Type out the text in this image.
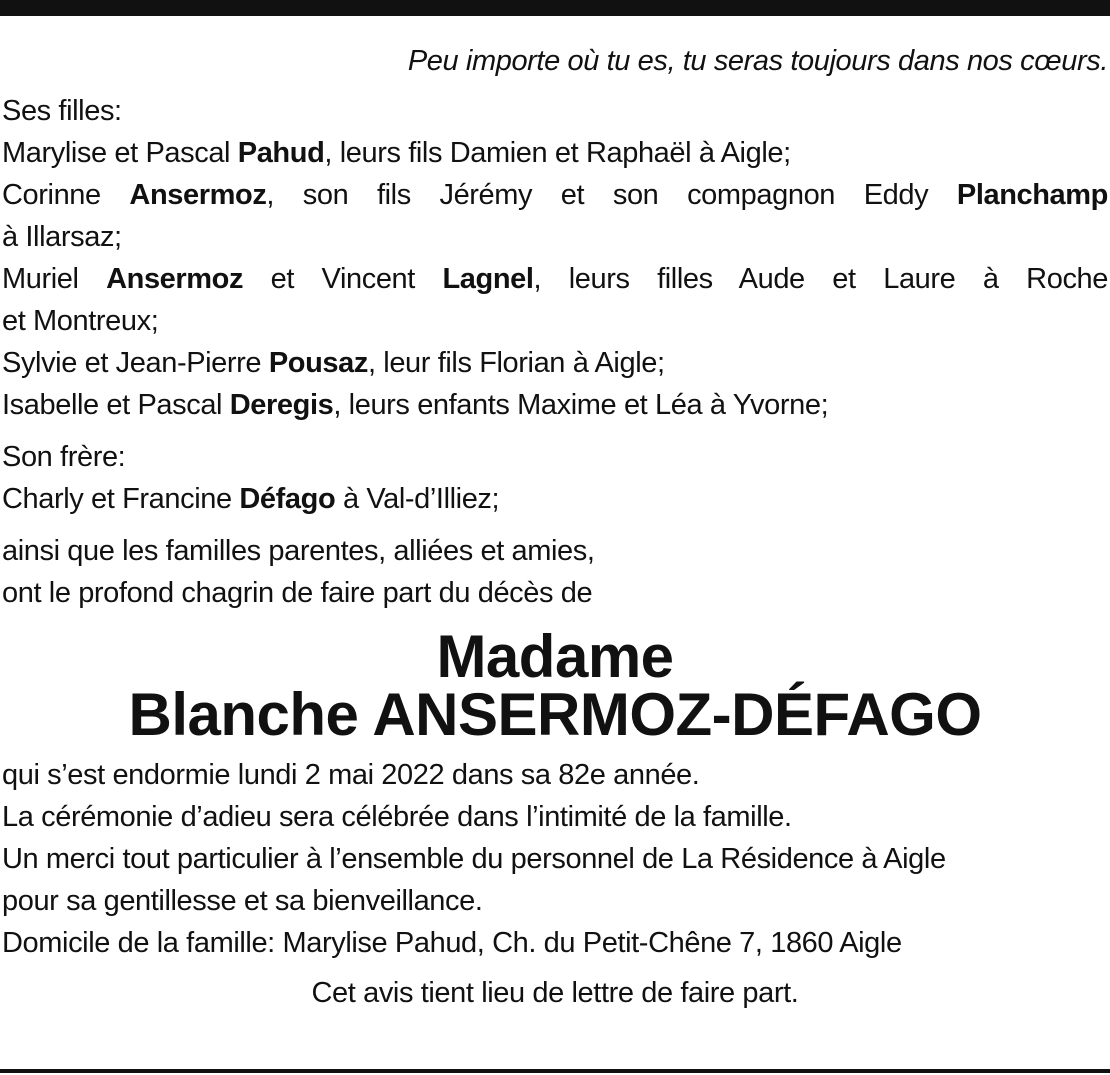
Peu importe où tu es, tu seras toujours dans nos cœurs.
Ses filles:
Marylise et Pascal Pahud, leurs fils Damien et Raphaël à Aigle;
Corinne Ansermoz, son fils Jérémy et son compagnon Eddy Planchamp
à Illarsaz;
Muriel Ansermoz et Vincent Lagnel, leurs filles Aude et Laure à Roche
et Montreux;
Sylvie et Jean-Pierre Pousaz, leur fils Florian à Aigle;
Isabelle et Pascal Deregis, leurs enfants Maxime et Léa à Yvorne;
Son frère:
Charly et Francine Défago à Val-d’Illiez;
ainsi que les familles parentes, alliées et amies,
ont le profond chagrin de faire part du décès de
Madame
Blanche ANSERMOZ-DÉFAGO
qui s’est endormie lundi 2 mai 2022 dans sa 82e année.
La cérémonie d’adieu sera célébrée dans l’intimité de la famille.
Un merci tout particulier à l’ensemble du personnel de La Résidence à Aigle
pour sa gentillesse et sa bienveillance.
Domicile de la famille: Marylise Pahud, Ch. du Petit-Chêne 7, 1860 Aigle
Cet avis tient lieu de lettre de faire part.
